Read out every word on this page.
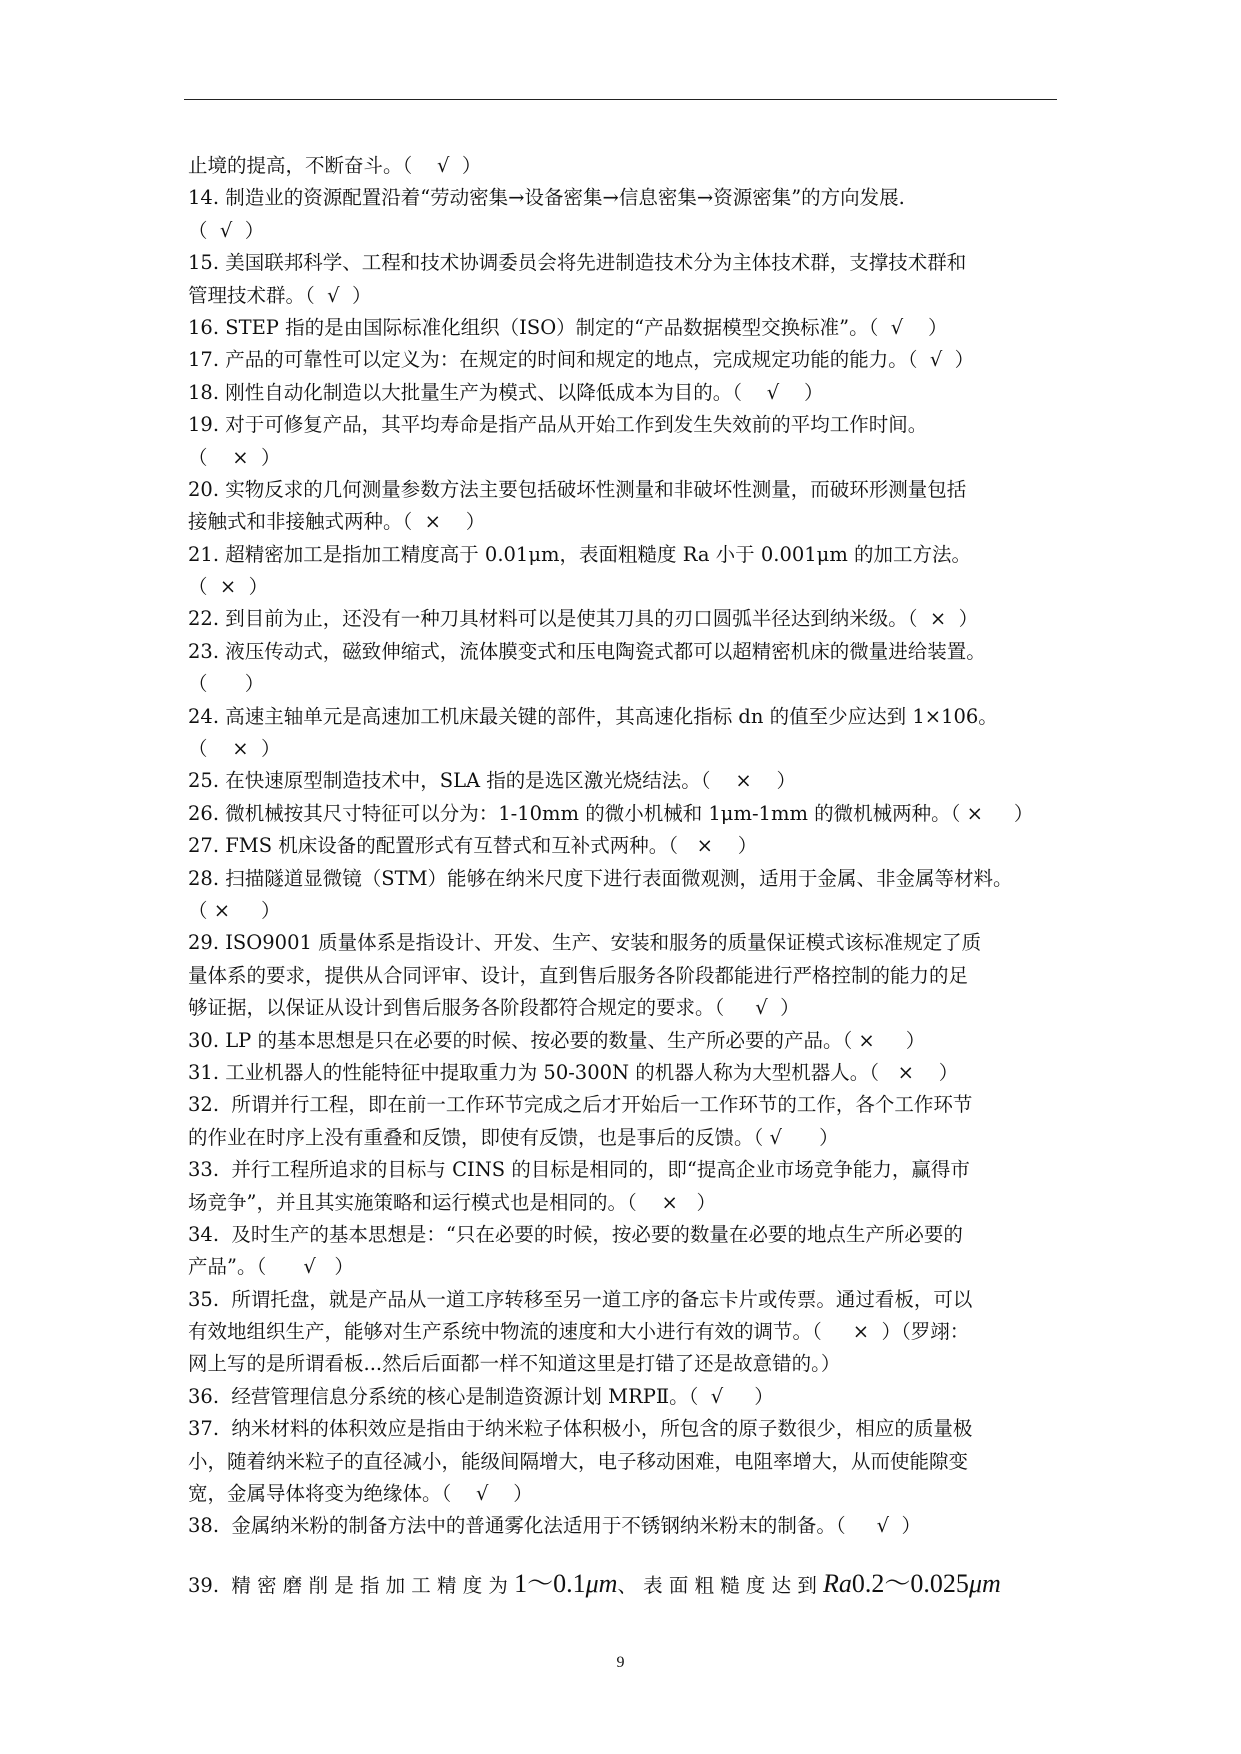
止境的提高，不断奋斗。（    √  ）
14. 制造业的资源配置沿着“劳动密集→设备密集→信息密集→资源密集”的方向发展.
（  √  ）
15. 美国联邦科学、工程和技术协调委员会将先进制造技术分为主体技术群，支撑技术群和
管理技术群。（  √  ）
16. STEP 指的是由国际标准化组织（ISO）制定的“产品数据模型交换标准”。（  √    ）
17. 产品的可靠性可以定义为：在规定的时间和规定的地点，完成规定功能的能力。（  √  ）
18. 刚性自动化制造以大批量生产为模式、以降低成本为目的。（    √    ）
19. 对于可修复产品，其平均寿命是指产品从开始工作到发生失效前的平均工作时间。
（    ×  ）
20. 实物反求的几何测量参数方法主要包括破坏性测量和非破坏性测量，而破环形测量包括
接触式和非接触式两种。（  ×    ）
21. 超精密加工是指加工精度高于 0.01μm，表面粗糙度 Ra 小于 0.001μm 的加工方法。
（  ×  ）
22. 到目前为止，还没有一种刀具材料可以是使其刀具的刃口圆弧半径达到纳米级。（  ×  ）
23. 液压传动式，磁致伸缩式，流体膜变式和压电陶瓷式都可以超精密机床的微量进给装置。
（      ）
24. 高速主轴单元是高速加工机床最关键的部件，其高速化指标 dn 的值至少应达到 1×106。
（    ×  ）
25. 在快速原型制造技术中，SLA 指的是选区激光烧结法。（    ×    ）
26. 微机械按其尺寸特征可以分为：1-10mm 的微小机械和 1μm-1mm 的微机械两种。（ ×     ）
27. FMS 机床设备的配置形式有互替式和互补式两种。（   ×    ）
28. 扫描隧道显微镜（STM）能够在纳米尺度下进行表面微观测，适用于金属、非金属等材料。
（ ×     ）
29. ISO9001 质量体系是指设计、开发、生产、安装和服务的质量保证模式该标准规定了质
量体系的要求，提供从合同评审、设计，直到售后服务各阶段都能进行严格控制的能力的足
够证据，以保证从设计到售后服务各阶段都符合规定的要求。（     √  ）
30. LP 的基本思想是只在必要的时候、按必要的数量、生产所必要的产品。（ ×     ）
31. 工业机器人的性能特征中提取重力为 50-300N 的机器人称为大型机器人。（   ×    ）
32.  所谓并行工程，即在前一工作环节完成之后才开始后一工作环节的工作，各个工作环节
的作业在时序上没有重叠和反馈，即使有反馈，也是事后的反馈。（ √      ）
33.  并行工程所追求的目标与 CINS 的目标是相同的，即“提高企业市场竞争能力，赢得市
场竞争”，并且其实施策略和运行模式也是相同的。（    ×   ）
34.  及时生产的基本思想是：“只在必要的时候，按必要的数量在必要的地点生产所必要的
产品”。（      √   ）
35.  所谓托盘，就是产品从一道工序转移至另一道工序的备忘卡片或传票。通过看板，可以
有效地组织生产，能够对生产系统中物流的速度和大小进行有效的调节。（     ×  ）（罗翊：
网上写的是所谓看板...然后后面都一样不知道这里是打错了还是故意错的。）
36.  经营管理信息分系统的核心是制造资源计划 MRPⅡ。（  √     ）
37.  纳米材料的体积效应是指由于纳米粒子体积极小，所包含的原子数很少，相应的质量极
小，随着纳米粒子的直径减小，能级间隔增大，电子移动困难，电阻率增大，从而使能隙变
宽，金属导体将变为绝缘体。（    √    ）
38.  金属纳米粉的制备方法中的普通雾化法适用于不锈钢纳米粉末的制备。（     √  ）
39.  精 密 磨 削 是 指 加 工 精 度 为 1～0.1μm、 表 面 粗 糙 度 达 到 Ra0.2～0.025μm
9
